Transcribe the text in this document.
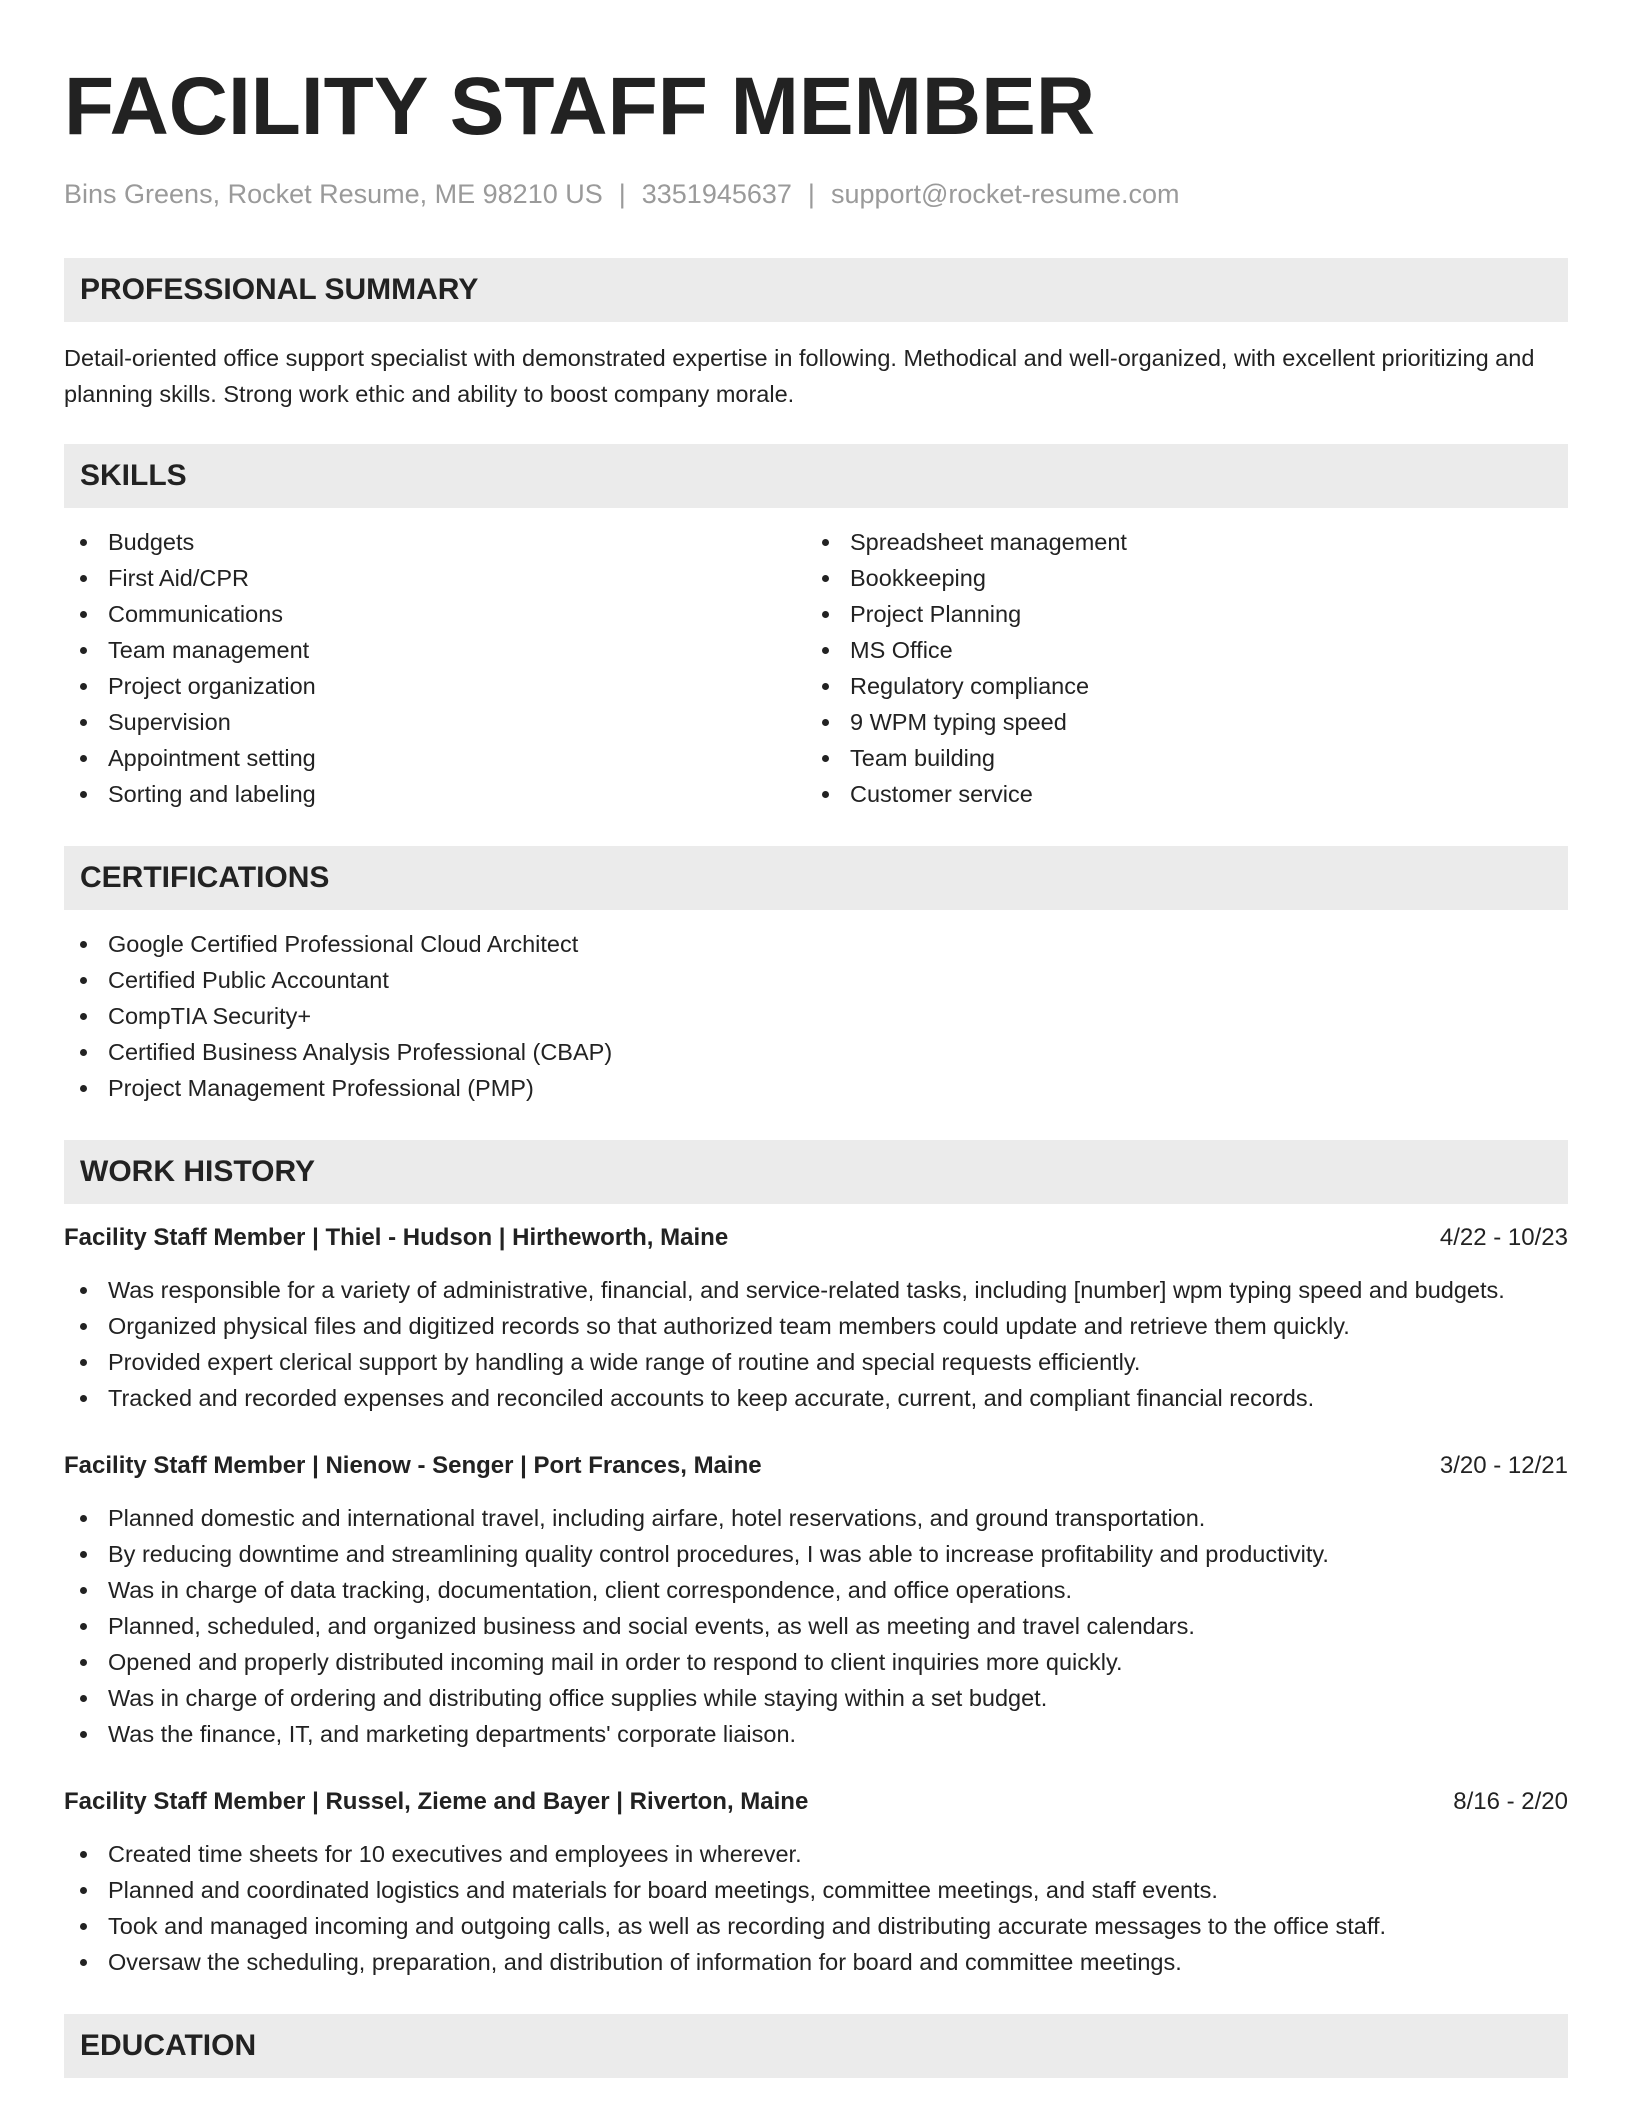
FACILITY STAFF MEMBER
Bins Greens, Rocket Resume, ME 98210 US | 3351945637 | support@rocket-resume.com
PROFESSIONAL SUMMARY

Detail-oriented office support specialist with demonstrated expertise in following. Methodical and well-organized, with excellent prioritizing and planning skills. Strong work ethic and ability to boost company morale.

SKILLS
Budgets
First Aid/CPR
Communications
Team management
Project organization
Supervision
Appointment setting
Sorting and labeling
Spreadsheet management
Bookkeeping
Project Planning
MS Office
Regulatory compliance
9 WPM typing speed
Team building
Customer service
CERTIFICATIONS
Google Certified Professional Cloud Architect
Certified Public Accountant
CompTIA Security+
Certified Business Analysis Professional (CBAP)
Project Management Professional (PMP)
WORK HISTORY
Facility Staff Member | Thiel - Hudson | Hirtheworth, Maine	4/22 - 10/23
Was responsible for a variety of administrative, financial, and service-related tasks, including [number] wpm typing speed and budgets.
Organized physical files and digitized records so that authorized team members could update and retrieve them quickly.
Provided expert clerical support by handling a wide range of routine and special requests efficiently.
Tracked and recorded expenses and reconciled accounts to keep accurate, current, and compliant financial records.
Facility Staff Member | Nienow - Senger | Port Frances, Maine	3/20 - 12/21
Planned domestic and international travel, including airfare, hotel reservations, and ground transportation.
By reducing downtime and streamlining quality control procedures, I was able to increase profitability and productivity.
Was in charge of data tracking, documentation, client correspondence, and office operations.
Planned, scheduled, and organized business and social events, as well as meeting and travel calendars.
Opened and properly distributed incoming mail in order to respond to client inquiries more quickly.
Was in charge of ordering and distributing office supplies while staying within a set budget.
Was the finance, IT, and marketing departments' corporate liaison.
Facility Staff Member | Russel, Zieme and Bayer | Riverton, Maine	8/16 - 2/20
Created time sheets for 10 executives and employees in wherever.
Planned and coordinated logistics and materials for board meetings, committee meetings, and staff events.
Took and managed incoming and outgoing calls, as well as recording and distributing accurate messages to the office staff.
Oversaw the scheduling, preparation, and distribution of information for board and committee meetings.
EDUCATION
